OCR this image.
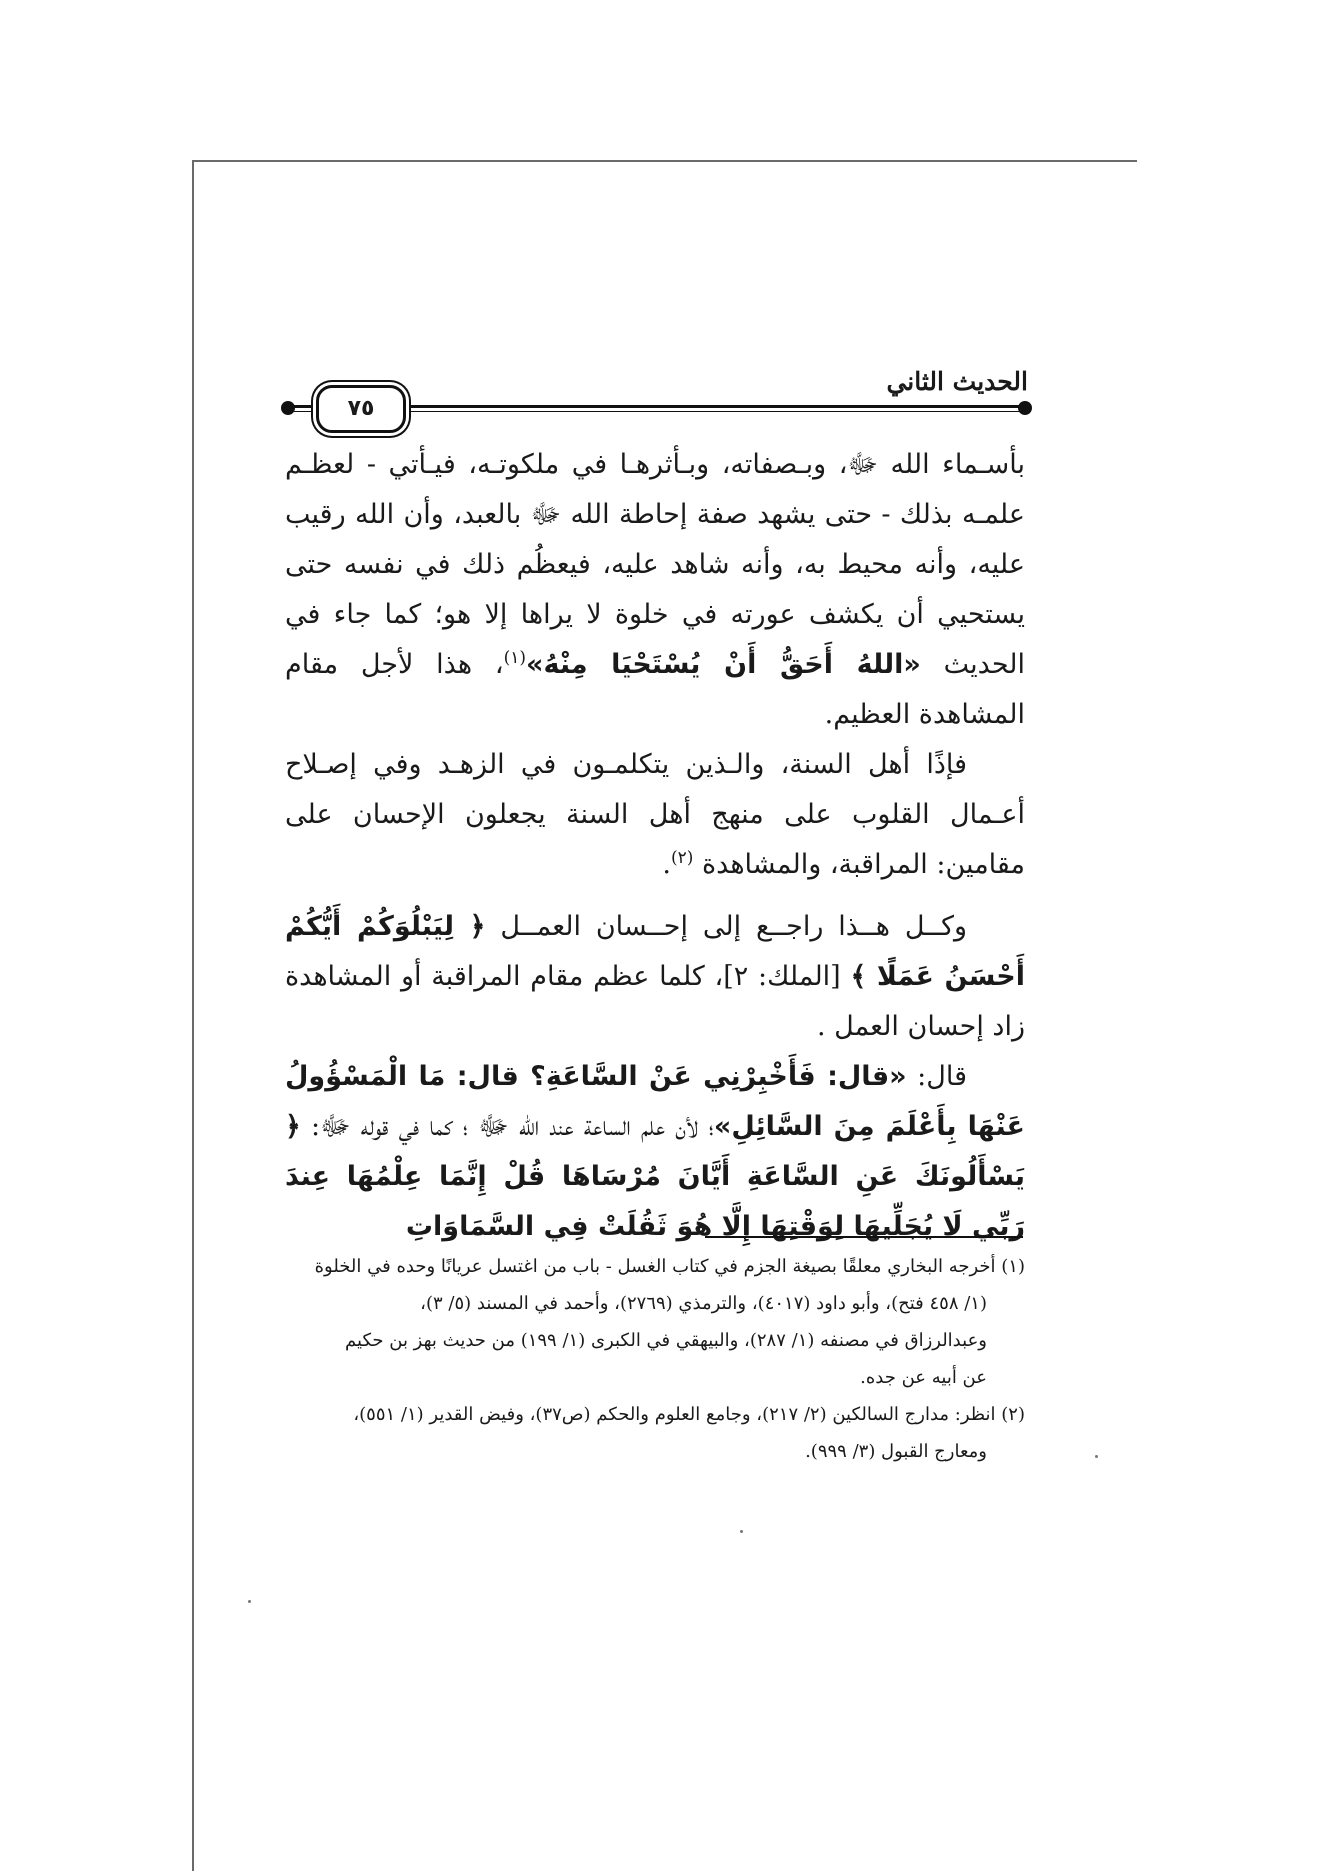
الحديث الثاني
٧٥

بأسـماء الله ﷻ، وبـصفاته، وبـأثرهـا في ملكوتـه، فيـأتي - لعظـم علمـه بذلك - حتى يشهد صفة إحاطة الله ﷻ بالعبد، وأن الله رقيب عليه، وأنه محيط به، وأنه شاهد عليه، فيعظُم ذلك في نفسه حتى يستحيي أن يكشف عورته في خلوة لا يراها إلا هو؛ كما جاء في الحديث «اللهُ أَحَقُّ أَنْ يُسْتَحْيَا مِنْهُ»$^{(١)}$، هذا لأجل مقام المشاهدة العظيم.

فإذًا أهل السنة، والـذين يتكلمـون في الزهـد وفي إصـلاح أعـمال القلوب على منهج أهل السنة يجعلون الإحسان على مقامين: المراقبة، والمشاهدة $^{(٢)}$.

وكــل هــذا راجــع إلى إحــسان العمــل ﴿ لِيَبْلُوَكُمْ أَيُّكُمْ أَحْسَنُ عَمَلًا ﴾ [الملك: ٢]، كلما عظم مقام المراقبة أو المشاهدة زاد إحسان العمل .

قال: «قال: فَأَخْبِرْنِي عَنْ السَّاعَةِ؟ قال: مَا الْمَسْؤُولُ عَنْهَا بِأَعْلَمَ مِنَ السَّائِلِ»؛ لأن علم الساعة عند الله ﷻ ؛ كما في قوله ﷻ: ﴿ يَسْأَلُونَكَ عَنِ السَّاعَةِ أَيَّانَ مُرْسَاهَا قُلْ إِنَّمَا عِلْمُهَا عِندَ رَبِّي لَا يُجَلِّيهَا لِوَقْتِهَا إِلَّا هُوَ ثَقُلَتْ فِي السَّمَاوَاتِ

(١) أخرجه البخاري معلقًا بصيغة الجزم في كتاب الغسل - باب من اغتسل عريانًا وحده في الخلوة

(١/ ٤٥٨ فتح)، وأبو داود (٤٠١٧)، والترمذي (٢٧٦٩)، وأحمد في المسند (٥/ ٣)،

وعبدالرزاق في مصنفه (١/ ٢٨٧)، والبيهقي في الكبرى (١/ ١٩٩) من حديث بهز بن حكيم

عن أبيه عن جده.

(٢) انظر: مدارج السالكين (٢/ ٢١٧)، وجامع العلوم والحكم (ص٣٧)، وفيض القدير (١/ ٥٥١)،

ومعارج القبول (٣/ ٩٩٩).
